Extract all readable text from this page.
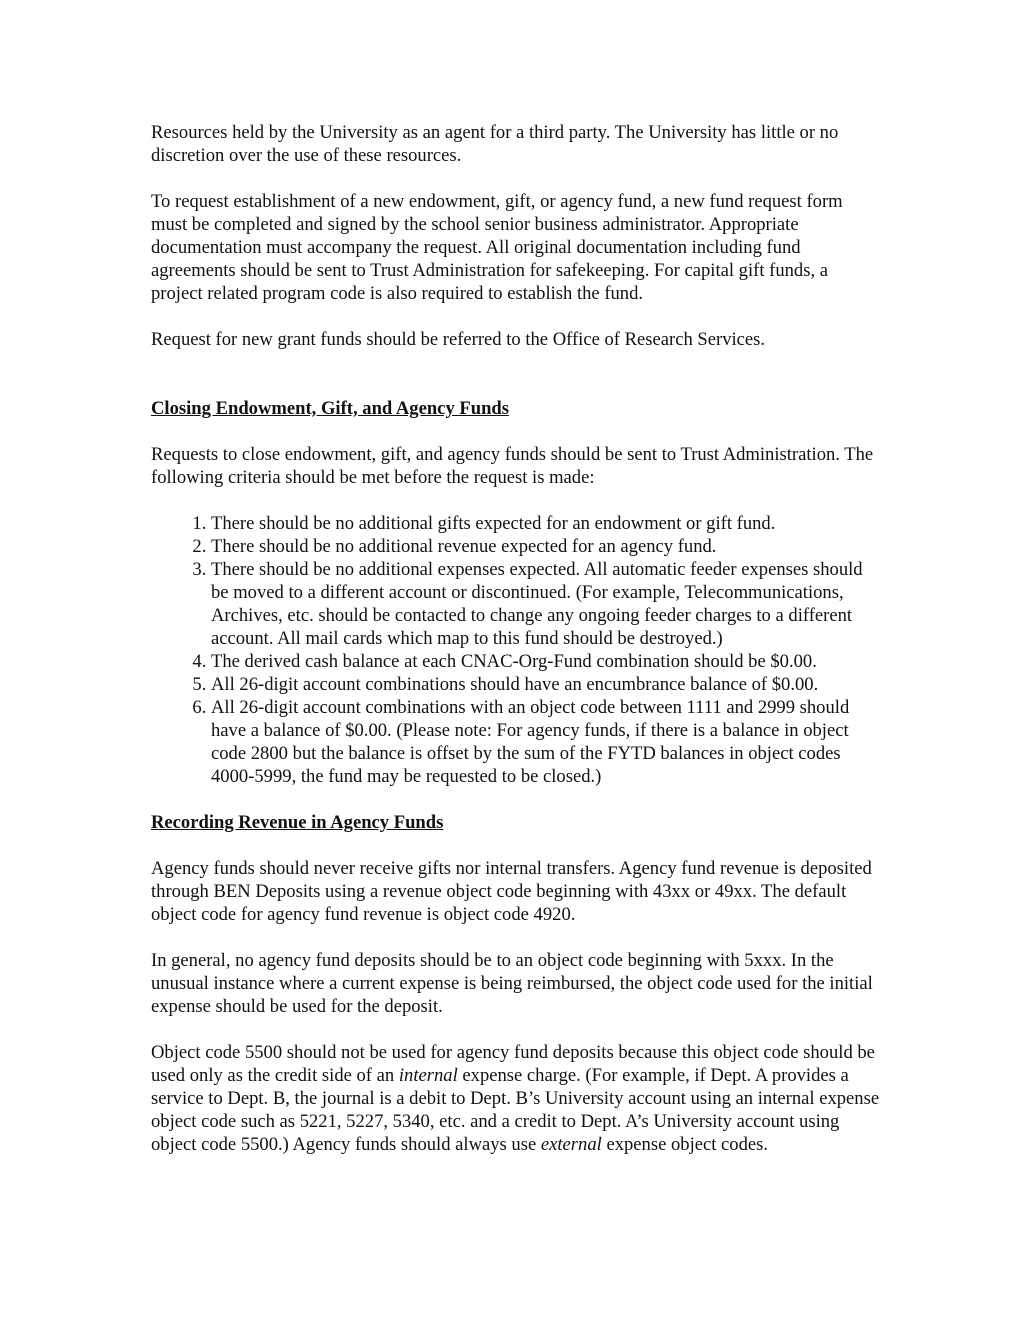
Resources held by the University as an agent for a third party. The University has little or no discretion over the use of these resources.

To request establishment of a new endowment, gift, or agency fund, a new fund request form must be completed and signed by the school senior business administrator. Appropriate documentation must accompany the request. All original documentation including fund agreements should be sent to Trust Administration for safekeeping. For capital gift funds, a project related program code is also required to establish the fund.

Request for new grant funds should be referred to the Office of Research Services.

Closing Endowment, Gift, and Agency Funds

Requests to close endowment, gift, and agency funds should be sent to Trust Administration. The following criteria should be met before the request is made:

1. There should be no additional gifts expected for an endowment or gift fund.
2. There should be no additional revenue expected for an agency fund.
3. There should be no additional expenses expected. All automatic feeder expenses should be moved to a different account or discontinued. (For example, Telecommunications, Archives, etc. should be contacted to change any ongoing feeder charges to a different account. All mail cards which map to this fund should be destroyed.)
4. The derived cash balance at each CNAC-Org-Fund combination should be $0.00.
5. All 26-digit account combinations should have an encumbrance balance of $0.00.
6. All 26-digit account combinations with an object code between 1111 and 2999 should have a balance of $0.00. (Please note: For agency funds, if there is a balance in object code 2800 but the balance is offset by the sum of the FYTD balances in object codes 4000-5999, the fund may be requested to be closed.)

Recording Revenue in Agency Funds

Agency funds should never receive gifts nor internal transfers. Agency fund revenue is deposited through BEN Deposits using a revenue object code beginning with 43xx or 49xx. The default object code for agency fund revenue is object code 4920.

In general, no agency fund deposits should be to an object code beginning with 5xxx. In the unusual instance where a current expense is being reimbursed, the object code used for the initial expense should be used for the deposit.

Object code 5500 should not be used for agency fund deposits because this object code should be used only as the credit side of an internal expense charge. (For example, if Dept. A provides a service to Dept. B, the journal is a debit to Dept. B’s University account using an internal expense object code such as 5221, 5227, 5340, etc. and a credit to Dept. A’s University account using object code 5500.) Agency funds should always use external expense object codes.
